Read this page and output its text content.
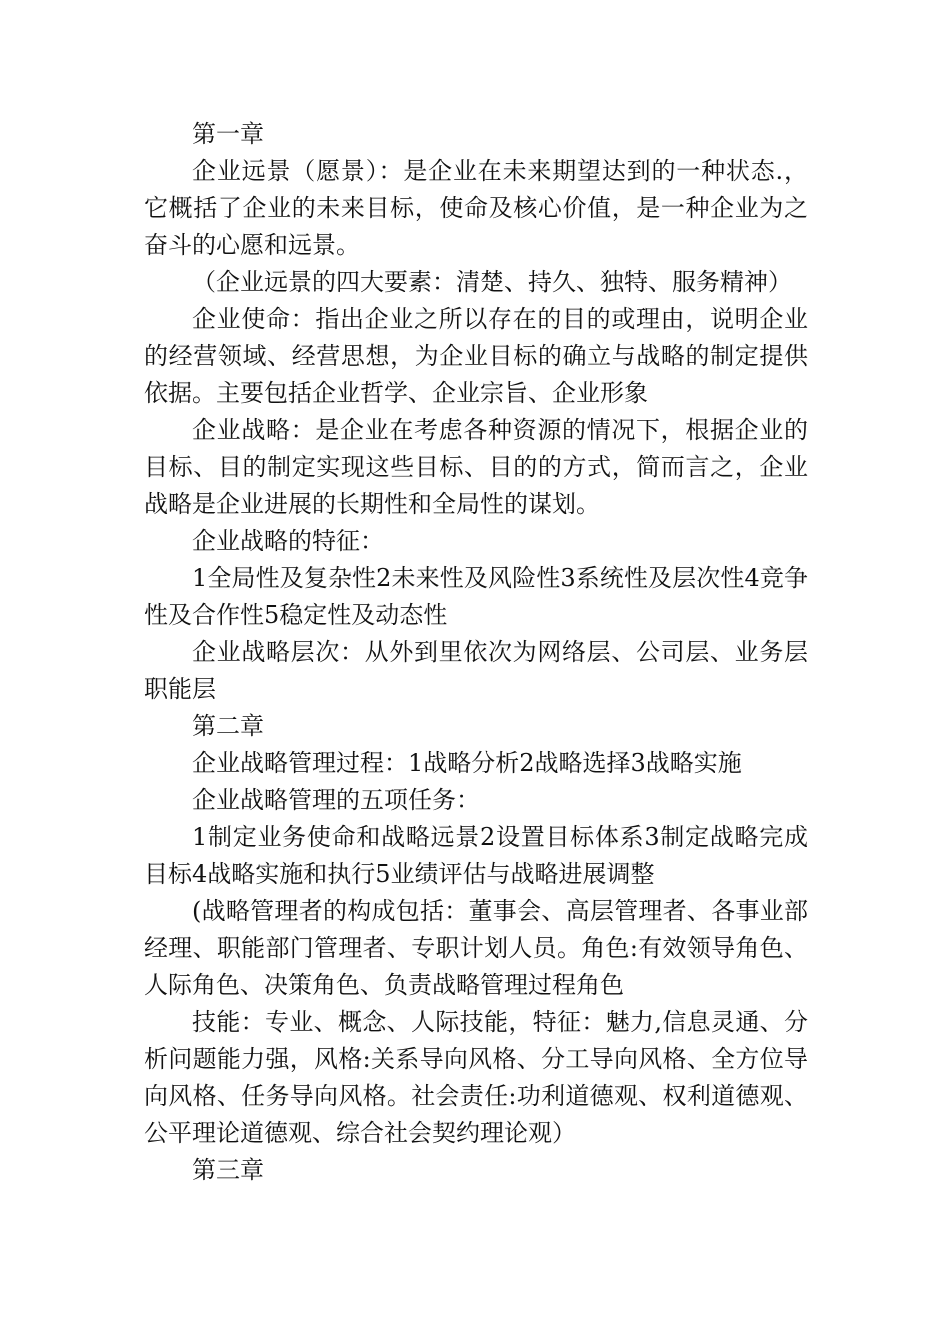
第一章

企业远景（愿景）：是企业在未来期望达到的一种状态.，它概括了企业的未来目标，使命及核心价值，是一种企业为之奋斗的心愿和远景。

（企业远景的四大要素：清楚、持久、独特、服务精神）

企业使命：指出企业之所以存在的目的或理由，说明企业的经营领域、经营思想，为企业目标的确立与战略的制定提供依据。主要包括企业哲学、企业宗旨、企业形象

企业战略：是企业在考虑各种资源的情况下，根据企业的目标、目的制定实现这些目标、目的的方式，简而言之，企业战略是企业进展的长期性和全局性的谋划。

企业战略的特征：

1全局性及复杂性2未来性及风险性3系统性及层次性4竞争性及合作性5稳定性及动态性

企业战略层次：从外到里依次为网络层、公司层、业务层职能层

第二章

企业战略管理过程：1战略分析2战略选择3战略实施

企业战略管理的五项任务：

1制定业务使命和战略远景2设置目标体系3制定战略完成目标4战略实施和执行5业绩评估与战略进展调整

(战略管理者的构成包括：董事会、高层管理者、各事业部经理、职能部门管理者、专职计划人员。角色:有效领导角色、人际角色、决策角色、负责战略管理过程角色

技能：专业、概念、人际技能，特征：魅力,信息灵通、分析问题能力强，风格:关系导向风格、分工导向风格、全方位导向风格、任务导向风格。社会责任:功利道德观、权利道德观、公平理论道德观、综合社会契约理论观）

第三章
